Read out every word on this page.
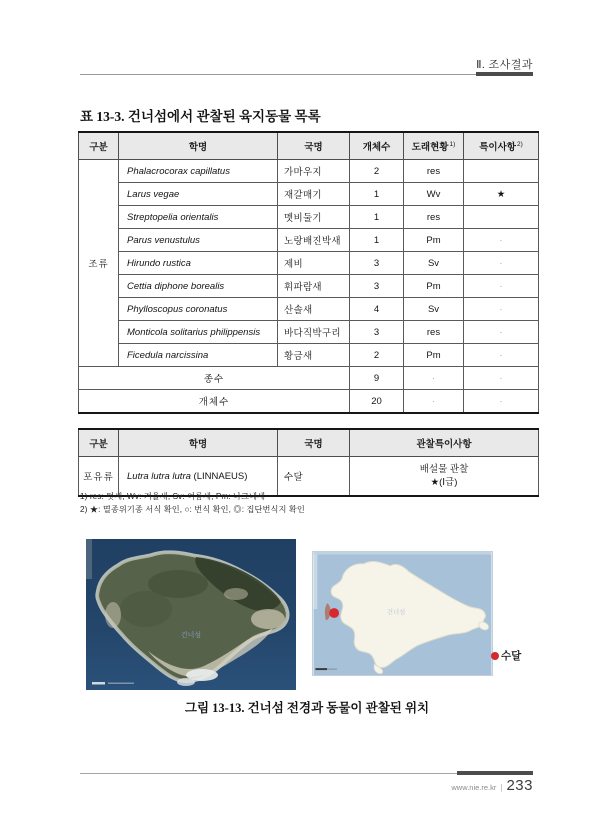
Ⅱ. 조사결과
표 13-3. 건너섬에서 관찰된 육지동물 목록
구분	학명	국명	개체수	도래현황$^{1)}$	특이사항$^{2)}$
조류	Phalacrocorax capillatus	가마우지	2	res	
	Larus vegae	재갈매기	1	Wv	★
	Streptopelia orientalis	멧비둘기	1	res	
	Parus venustulus	노랑배진박새	1	Pm	·
	Hirundo rustica	제비	3	Sv	·
	Cettia diphone borealis	휘파람새	3	Pm	·
	Phylloscopus coronatus	산솔새	4	Sv	·
	Monticola solitarius philippensis	바다직박구리	3	res	·
	Ficedula narcissina	황금새	2	Pm	·
종수			9	·	·
개체수			20	·	·
구분	학명	국명	관찰특이사항
포유류	Lutra lutra lutra (LINNAEUS)	수달	배설물 관찰
★(Ⅰ급)
1) res: 텃새, Wv: 겨울새, Sv: 여름새, Pm: 나그네새
2) ★: 멸종위기종 서식 확인, ○: 번식 확인, ◎: 집단번식지 확인
건너섬
건너섬
수달
그림 13-13. 건너섬 전경과 동물이 관찰된 위치
www.nie.re.kr | 233
